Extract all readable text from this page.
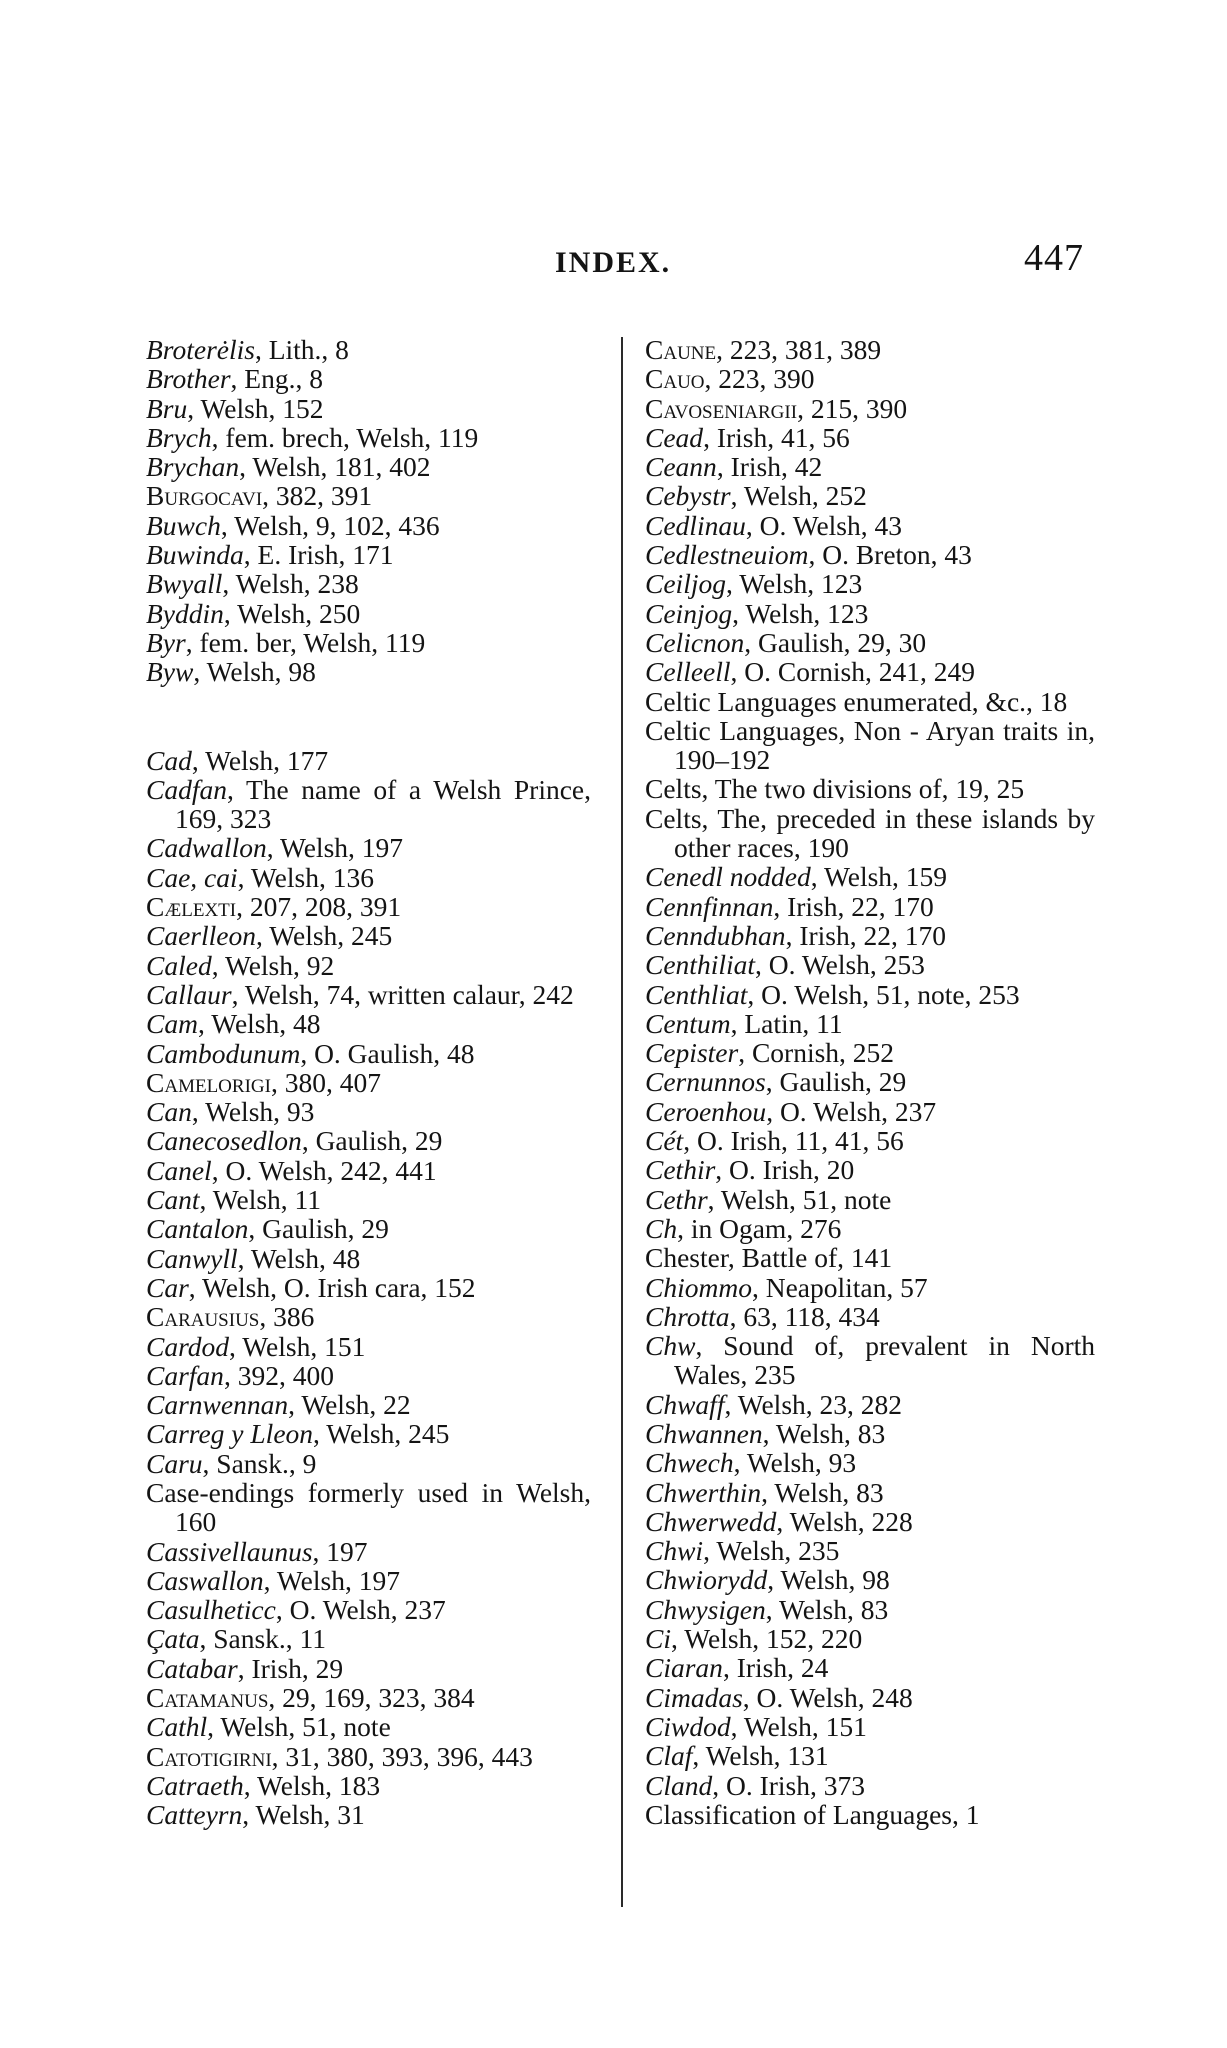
INDEX.	447
Broterėlis, Lith., 8
Brother, Eng., 8
Bru, Welsh, 152
Brych, fem. brech, Welsh, 119
Brychan, Welsh, 181, 402
Burgocavi, 382, 391
Buwch, Welsh, 9, 102, 436
Buwinda, E. Irish, 171
Bwyall, Welsh, 238
Byddin, Welsh, 250
Byr, fem. ber, Welsh, 119
Byw, Welsh, 98
Cad, Welsh, 177
Cadfan, The name of a Welsh Prince, 169, 323
Cadwallon, Welsh, 197
Cae, cai, Welsh, 136
Cælexti, 207, 208, 391
Caerlleon, Welsh, 245
Caled, Welsh, 92
Callaur, Welsh, 74, written calaur, 242
Cam, Welsh, 48
Cambodunum, O. Gaulish, 48
Camelorigi, 380, 407
Can, Welsh, 93
Canecosedlon, Gaulish, 29
Canel, O. Welsh, 242, 441
Cant, Welsh, 11
Cantalon, Gaulish, 29
Canwyll, Welsh, 48
Car, Welsh, O. Irish cara, 152
Carausius, 386
Cardod, Welsh, 151
Carfan, 392, 400
Carnwennan, Welsh, 22
Carreg y Lleon, Welsh, 245
Caru, Sansk., 9
Case-endings formerly used in Welsh, 160
Cassivellaunus, 197
Caswallon, Welsh, 197
Casulheticc, O. Welsh, 237
Çata, Sansk., 11
Catabar, Irish, 29
Catamanus, 29, 169, 323, 384
Cathl, Welsh, 51, note
Catotigirni, 31, 380, 393, 396, 443
Catraeth, Welsh, 183
Catteyrn, Welsh, 31
Caune, 223, 381, 389
Cauo, 223, 390
Cavoseniargii, 215, 390
Cead, Irish, 41, 56
Ceann, Irish, 42
Cebystr, Welsh, 252
Cedlinau, O. Welsh, 43
Cedlestneuiom, O. Breton, 43
Ceiljog, Welsh, 123
Ceinjog, Welsh, 123
Celicnon, Gaulish, 29, 30
Celleell, O. Cornish, 241, 249
Celtic Languages enumerated, &c., 18
Celtic Languages, Non - Aryan traits in, 190–192
Celts, The two divisions of, 19, 25
Celts, The, preceded in these islands by other races, 190
Cenedl nodded, Welsh, 159
Cennfinnan, Irish, 22, 170
Cenndubhan, Irish, 22, 170
Centhiliat, O. Welsh, 253
Centhliat, O. Welsh, 51, note, 253
Centum, Latin, 11
Cepister, Cornish, 252
Cernunnos, Gaulish, 29
Ceroenhou, O. Welsh, 237
Cét, O. Irish, 11, 41, 56
Cethir, O. Irish, 20
Cethr, Welsh, 51, note
Ch, in Ogam, 276
Chester, Battle of, 141
Chiommo, Neapolitan, 57
Chrotta, 63, 118, 434
Chw, Sound of, prevalent in North Wales, 235
Chwaff, Welsh, 23, 282
Chwannen, Welsh, 83
Chwech, Welsh, 93
Chwerthin, Welsh, 83
Chwerwedd, Welsh, 228
Chwi, Welsh, 235
Chwiorydd, Welsh, 98
Chwysigen, Welsh, 83
Ci, Welsh, 152, 220
Ciaran, Irish, 24
Cimadas, O. Welsh, 248
Ciwdod, Welsh, 151
Claf, Welsh, 131
Cland, O. Irish, 373
Classification of Languages, 1
